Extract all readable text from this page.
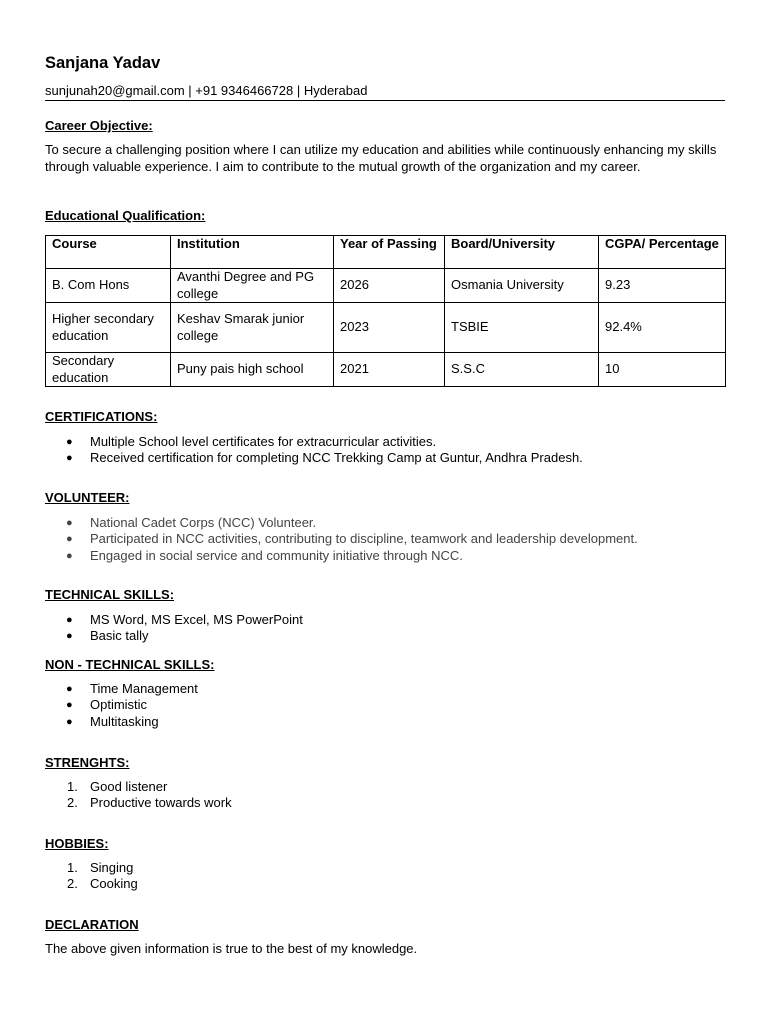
Sanjana Yadav
sunjunah20@gmail.com | +91 9346466728 | Hyderabad
Career Objective:

To secure a challenging position where I can utilize my education and abilities while continuously enhancing my skills through valuable experience. I aim to contribute to the mutual growth of the organization and my career.

Educational Qualification:
Course	Institution	Year of Passing	Board/University	CGPA/ Percentage
B. Com Hons	Avanthi Degree and PG college	2026	Osmania University	9.23
Higher secondary education	Keshav Smarak junior college	2023	TSBIE	92.4%
Secondary education	Puny pais high school	2021	S.S.C	10
CERTIFICATIONS:
● Multiple School level certificates for extracurricular activities.
● Received certification for completing NCC Trekking Camp at Guntur, Andhra Pradesh.
VOLUNTEER:
● National Cadet Corps (NCC) Volunteer.
● Participated in NCC activities, contributing to discipline, teamwork and leadership development.
● Engaged in social service and community initiative through NCC.
TECHNICAL SKILLS:
● MS Word, MS Excel, MS PowerPoint
● Basic tally
NON - TECHNICAL SKILLS:
● Time Management
● Optimistic
● Multitasking
STRENGHTS:
Good listener
Productive towards work
HOBBIES:
Singing
Cooking
DECLARATION

The above given information is true to the best of my knowledge.
